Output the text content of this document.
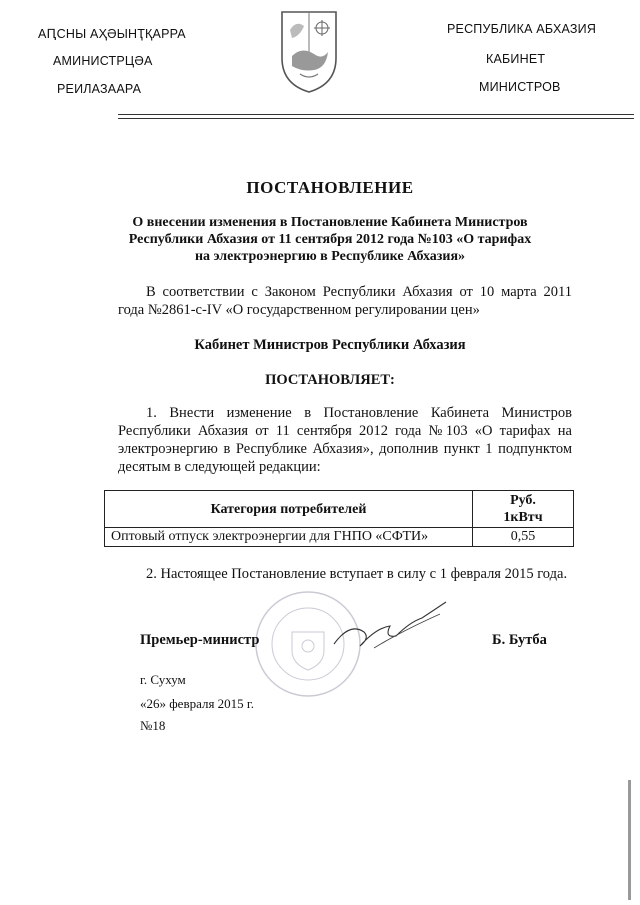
АԤСНЫ АҲӘЫНҬҚАРРА
АМИНИСТРЦӘА
РЕИЛАЗААРА
РЕСПУБЛИКА АБХАЗИЯ
КАБИНЕТ
МИНИСТРОВ
ПОСТАНОВЛЕНИЕ
О внесении изменения в Постановление Кабинета Министров
Республики Абхазия от 11 сентября 2012 года №103 «О тарифах
на электроэнергию в Республике Абхазия»
В соответствии с Законом Республики Абхазия от 10 марта 2011 года №2861-с-IV «О государственном регулировании цен»
Кабинет Министров Республики Абхазия
ПОСТАНОВЛЯЕТ:
1. Внести изменение в Постановление Кабинета Министров Республики Абхазия от 11 сентября 2012 года №103 «О тарифах на электроэнергию в Республике Абхазия», дополнив пункт 1 подпунктом десятым в следующей редакции:
Категория потребителей	Руб.
1кВтч

Оптовый отпуск электроэнергии для ГНПО «СФТИ»	0,55
2. Настоящее Постановление вступает в силу с 1 февраля 2015 года.
Премьер-министр	Б. Бутба
г. Сухум
«26» февраля 2015 г.
№18
